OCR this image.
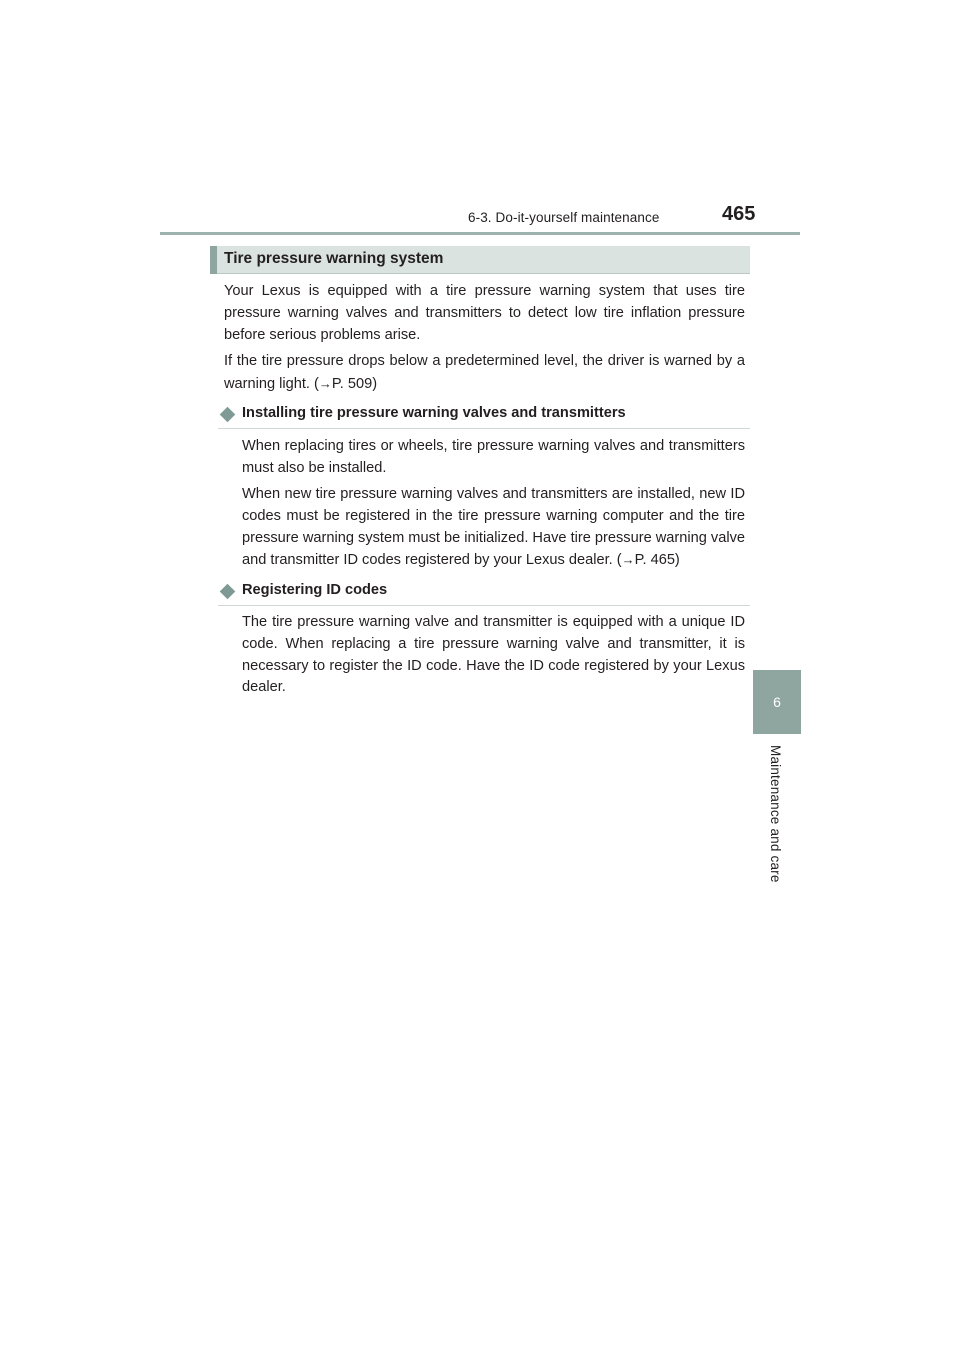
6-3. Do-it-yourself maintenance	465
6
Maintenance and care
Tire pressure warning system

Your Lexus is equipped with a tire pressure warning system that uses tire pressure warning valves and transmitters to detect low tire inflation pressure before serious problems arise.

If the tire pressure drops below a predetermined level, the driver is warned by a warning light. (→P. 509)

Installing tire pressure warning valves and transmitters

When replacing tires or wheels, tire pressure warning valves and transmitters must also be installed.

When new tire pressure warning valves and transmitters are installed, new ID codes must be registered in the tire pressure warning computer and the tire pressure warning system must be initialized. Have tire pressure warning valve and transmitter ID codes registered by your Lexus dealer. (→P. 465)

Registering ID codes

The tire pressure warning valve and transmitter is equipped with a unique ID code. When replacing a tire pressure warning valve and transmitter, it is necessary to register the ID code. Have the ID code registered by your Lexus dealer.
